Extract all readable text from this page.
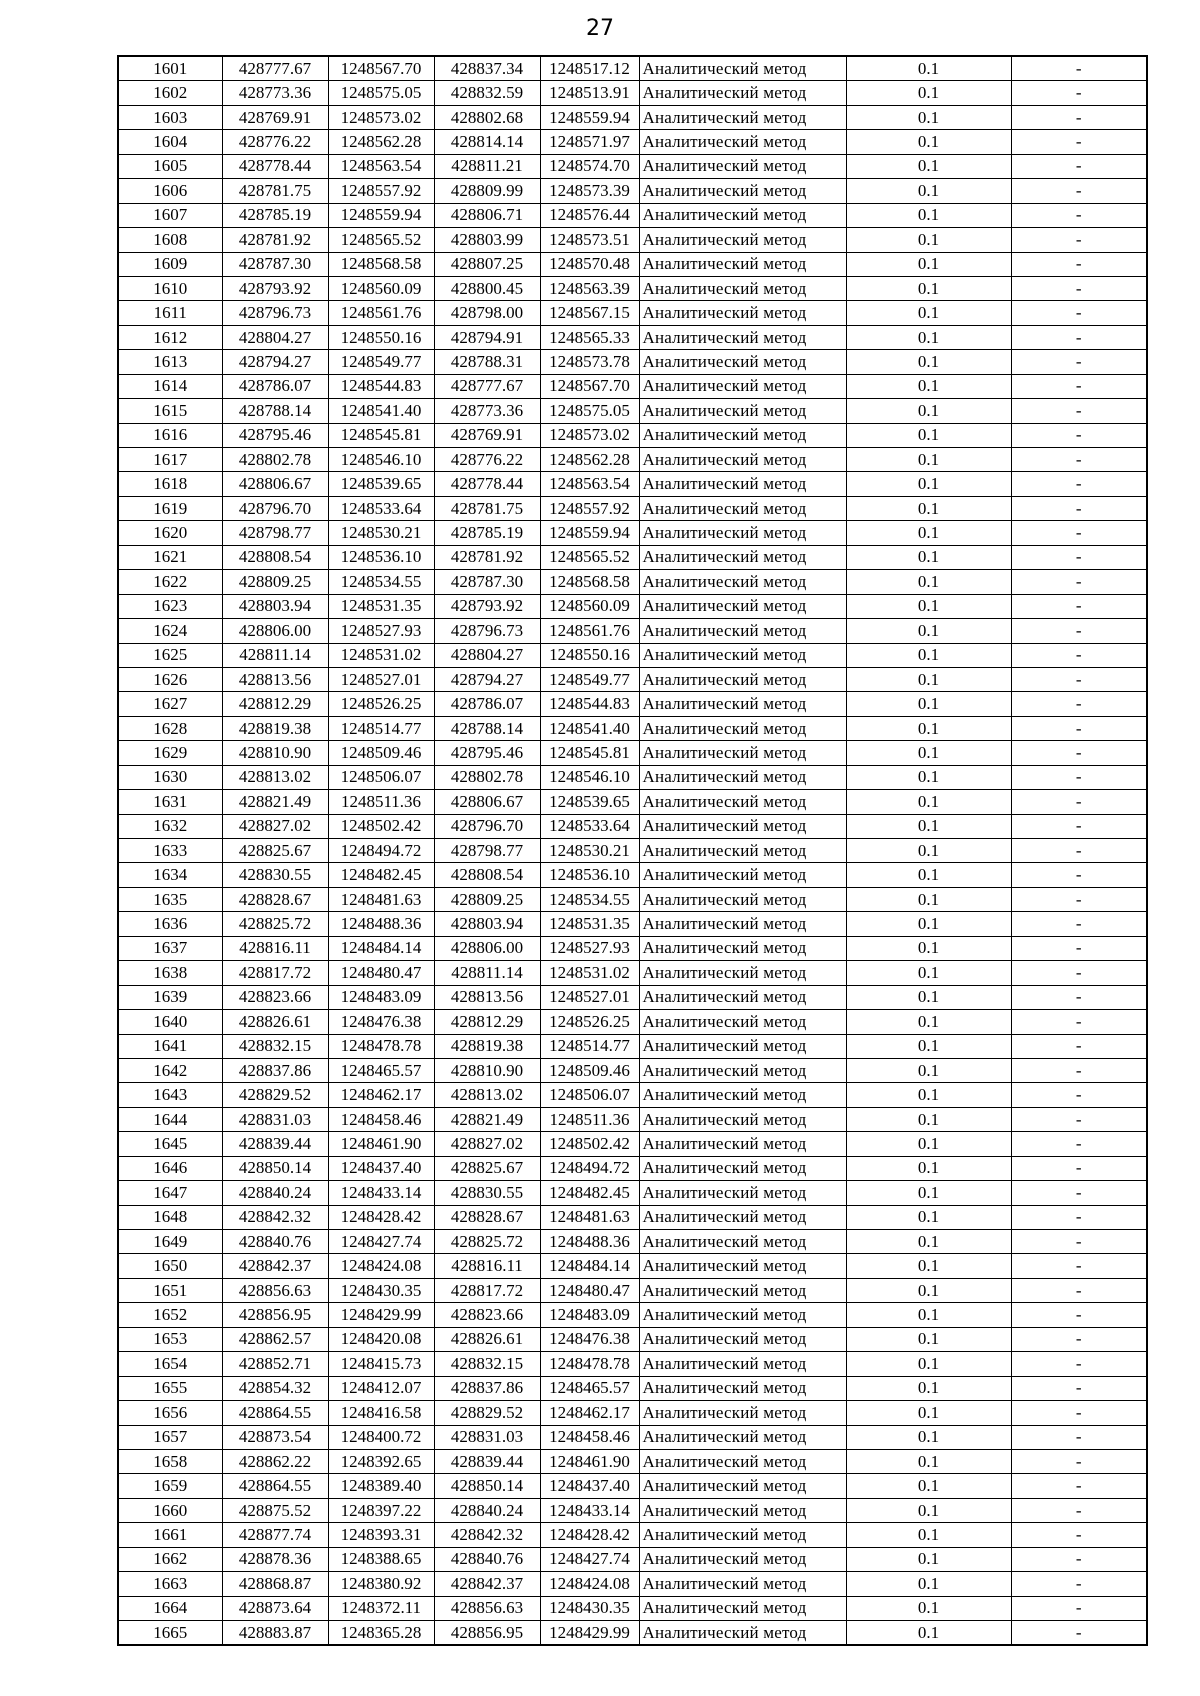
27
1601	428777.67	1248567.70	428837.34	1248517.12	Аналитический метод	0.1	-
1602	428773.36	1248575.05	428832.59	1248513.91	Аналитический метод	0.1	-
1603	428769.91	1248573.02	428802.68	1248559.94	Аналитический метод	0.1	-
1604	428776.22	1248562.28	428814.14	1248571.97	Аналитический метод	0.1	-
1605	428778.44	1248563.54	428811.21	1248574.70	Аналитический метод	0.1	-
1606	428781.75	1248557.92	428809.99	1248573.39	Аналитический метод	0.1	-
1607	428785.19	1248559.94	428806.71	1248576.44	Аналитический метод	0.1	-
1608	428781.92	1248565.52	428803.99	1248573.51	Аналитический метод	0.1	-
1609	428787.30	1248568.58	428807.25	1248570.48	Аналитический метод	0.1	-
1610	428793.92	1248560.09	428800.45	1248563.39	Аналитический метод	0.1	-
1611	428796.73	1248561.76	428798.00	1248567.15	Аналитический метод	0.1	-
1612	428804.27	1248550.16	428794.91	1248565.33	Аналитический метод	0.1	-
1613	428794.27	1248549.77	428788.31	1248573.78	Аналитический метод	0.1	-
1614	428786.07	1248544.83	428777.67	1248567.70	Аналитический метод	0.1	-
1615	428788.14	1248541.40	428773.36	1248575.05	Аналитический метод	0.1	-
1616	428795.46	1248545.81	428769.91	1248573.02	Аналитический метод	0.1	-
1617	428802.78	1248546.10	428776.22	1248562.28	Аналитический метод	0.1	-
1618	428806.67	1248539.65	428778.44	1248563.54	Аналитический метод	0.1	-
1619	428796.70	1248533.64	428781.75	1248557.92	Аналитический метод	0.1	-
1620	428798.77	1248530.21	428785.19	1248559.94	Аналитический метод	0.1	-
1621	428808.54	1248536.10	428781.92	1248565.52	Аналитический метод	0.1	-
1622	428809.25	1248534.55	428787.30	1248568.58	Аналитический метод	0.1	-
1623	428803.94	1248531.35	428793.92	1248560.09	Аналитический метод	0.1	-
1624	428806.00	1248527.93	428796.73	1248561.76	Аналитический метод	0.1	-
1625	428811.14	1248531.02	428804.27	1248550.16	Аналитический метод	0.1	-
1626	428813.56	1248527.01	428794.27	1248549.77	Аналитический метод	0.1	-
1627	428812.29	1248526.25	428786.07	1248544.83	Аналитический метод	0.1	-
1628	428819.38	1248514.77	428788.14	1248541.40	Аналитический метод	0.1	-
1629	428810.90	1248509.46	428795.46	1248545.81	Аналитический метод	0.1	-
1630	428813.02	1248506.07	428802.78	1248546.10	Аналитический метод	0.1	-
1631	428821.49	1248511.36	428806.67	1248539.65	Аналитический метод	0.1	-
1632	428827.02	1248502.42	428796.70	1248533.64	Аналитический метод	0.1	-
1633	428825.67	1248494.72	428798.77	1248530.21	Аналитический метод	0.1	-
1634	428830.55	1248482.45	428808.54	1248536.10	Аналитический метод	0.1	-
1635	428828.67	1248481.63	428809.25	1248534.55	Аналитический метод	0.1	-
1636	428825.72	1248488.36	428803.94	1248531.35	Аналитический метод	0.1	-
1637	428816.11	1248484.14	428806.00	1248527.93	Аналитический метод	0.1	-
1638	428817.72	1248480.47	428811.14	1248531.02	Аналитический метод	0.1	-
1639	428823.66	1248483.09	428813.56	1248527.01	Аналитический метод	0.1	-
1640	428826.61	1248476.38	428812.29	1248526.25	Аналитический метод	0.1	-
1641	428832.15	1248478.78	428819.38	1248514.77	Аналитический метод	0.1	-
1642	428837.86	1248465.57	428810.90	1248509.46	Аналитический метод	0.1	-
1643	428829.52	1248462.17	428813.02	1248506.07	Аналитический метод	0.1	-
1644	428831.03	1248458.46	428821.49	1248511.36	Аналитический метод	0.1	-
1645	428839.44	1248461.90	428827.02	1248502.42	Аналитический метод	0.1	-
1646	428850.14	1248437.40	428825.67	1248494.72	Аналитический метод	0.1	-
1647	428840.24	1248433.14	428830.55	1248482.45	Аналитический метод	0.1	-
1648	428842.32	1248428.42	428828.67	1248481.63	Аналитический метод	0.1	-
1649	428840.76	1248427.74	428825.72	1248488.36	Аналитический метод	0.1	-
1650	428842.37	1248424.08	428816.11	1248484.14	Аналитический метод	0.1	-
1651	428856.63	1248430.35	428817.72	1248480.47	Аналитический метод	0.1	-
1652	428856.95	1248429.99	428823.66	1248483.09	Аналитический метод	0.1	-
1653	428862.57	1248420.08	428826.61	1248476.38	Аналитический метод	0.1	-
1654	428852.71	1248415.73	428832.15	1248478.78	Аналитический метод	0.1	-
1655	428854.32	1248412.07	428837.86	1248465.57	Аналитический метод	0.1	-
1656	428864.55	1248416.58	428829.52	1248462.17	Аналитический метод	0.1	-
1657	428873.54	1248400.72	428831.03	1248458.46	Аналитический метод	0.1	-
1658	428862.22	1248392.65	428839.44	1248461.90	Аналитический метод	0.1	-
1659	428864.55	1248389.40	428850.14	1248437.40	Аналитический метод	0.1	-
1660	428875.52	1248397.22	428840.24	1248433.14	Аналитический метод	0.1	-
1661	428877.74	1248393.31	428842.32	1248428.42	Аналитический метод	0.1	-
1662	428878.36	1248388.65	428840.76	1248427.74	Аналитический метод	0.1	-
1663	428868.87	1248380.92	428842.37	1248424.08	Аналитический метод	0.1	-
1664	428873.64	1248372.11	428856.63	1248430.35	Аналитический метод	0.1	-
1665	428883.87	1248365.28	428856.95	1248429.99	Аналитический метод	0.1	-
